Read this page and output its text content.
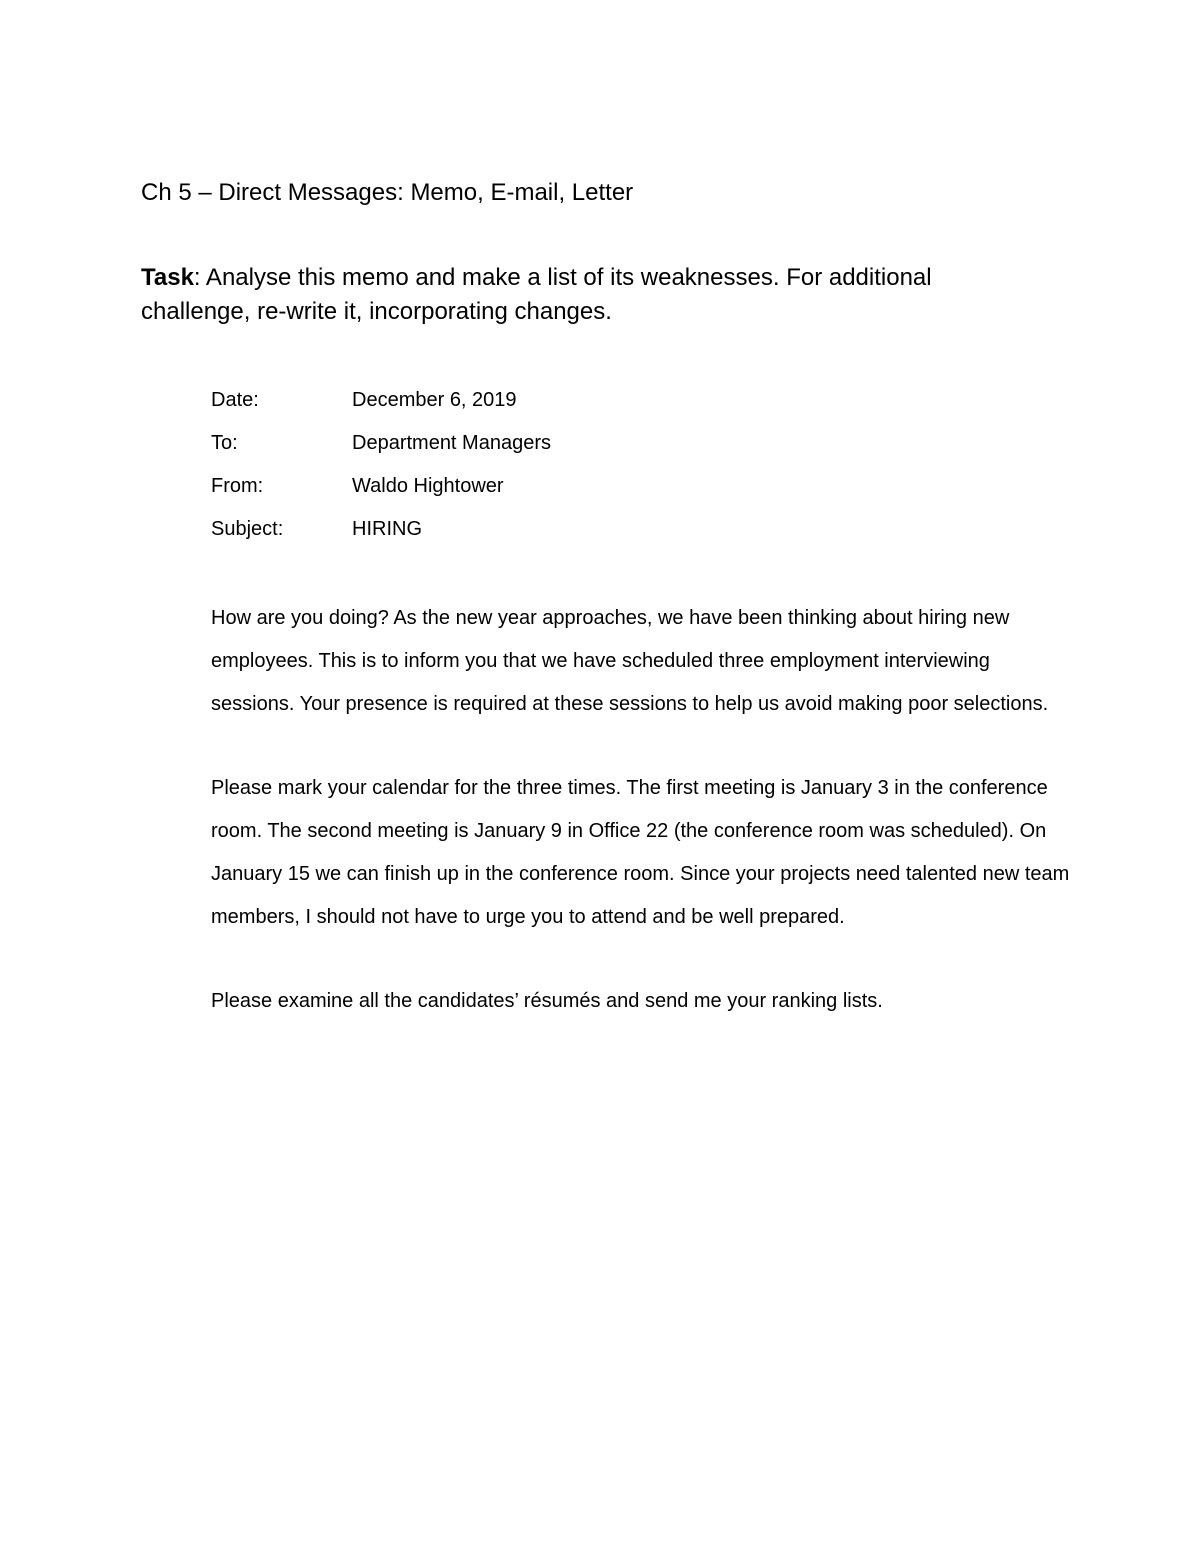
Ch 5 – Direct Messages: Memo, E-mail, Letter
Task: Analyse this memo and make a list of its weaknesses. For additional challenge, re-write it, incorporating changes.
Date:	December 6, 2019
To:	Department Managers
From:	Waldo Hightower
Subject:	HIRING

How are you doing? As the new year approaches, we have been thinking about hiring new employees. This is to inform you that we have scheduled three employment interviewing sessions. Your presence is required at these sessions to help us avoid making poor selections.

Please mark your calendar for the three times. The first meeting is January 3 in the conference room. The second meeting is January 9 in Office 22 (the conference room was scheduled). On January 15 we can finish up in the conference room. Since your projects need talented new team members, I should not have to urge you to attend and be well prepared.

Please examine all the candidates’ résumés and send me your ranking lists.
